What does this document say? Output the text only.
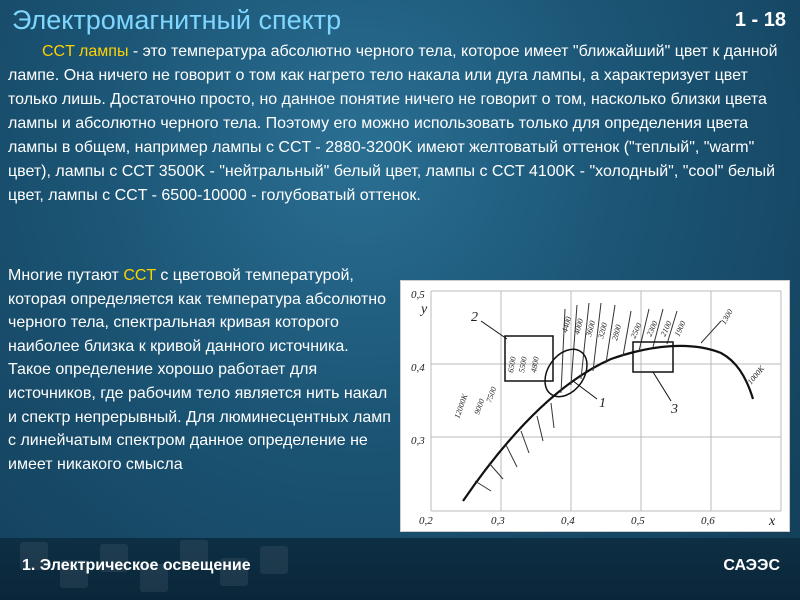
Электромагнитный спектр	1 - 18
CCT лампы - это температура абсолютно черного тела, которое имеет "ближайший" цвет к данной лампе. Она ничего не говорит о том как нагрето тело накала или дуга лампы, а характеризует цвет только лишь. Достаточно просто, но данное понятие ничего не говорит о том, насколько близки цвета лампы и абсолютно черного тела. Поэтому его можно использовать только для определения цвета лампы в общем, например лампы с CCT - 2880-3200K имеют желтоватый оттенок ("теплый", "warm" цвет), лампы с CCT 3500K - "нейтральный" белый цвет, лампы с CCT 4100K - "холодный", "cool" белый цвет, лампы с CCT - 6500-10000 - голубоватый оттенок.
Многие путают CCT с цветовой температурой, которая определяется как температура абсолютно черного тела, спектральная кривая которого наиболее близка к кривой данного источника. Такое определение хорошо работает для источников, где рабочим тело является нить накал и спектр непрерывный. Для люминесцентных ламп с линейчатым спектром данное определение не имеет никакого смысла
y
x
0,5
0,4
0,3
0,2	0,3	0,4	0,5	0,6
2
1	3
12000K 9000
7500
6500 5500 4800
4400 4000 3600 3200 2800 2500 2300 2100 1900
1300
1000K
1. Электрическое освещение	САЭЭС
